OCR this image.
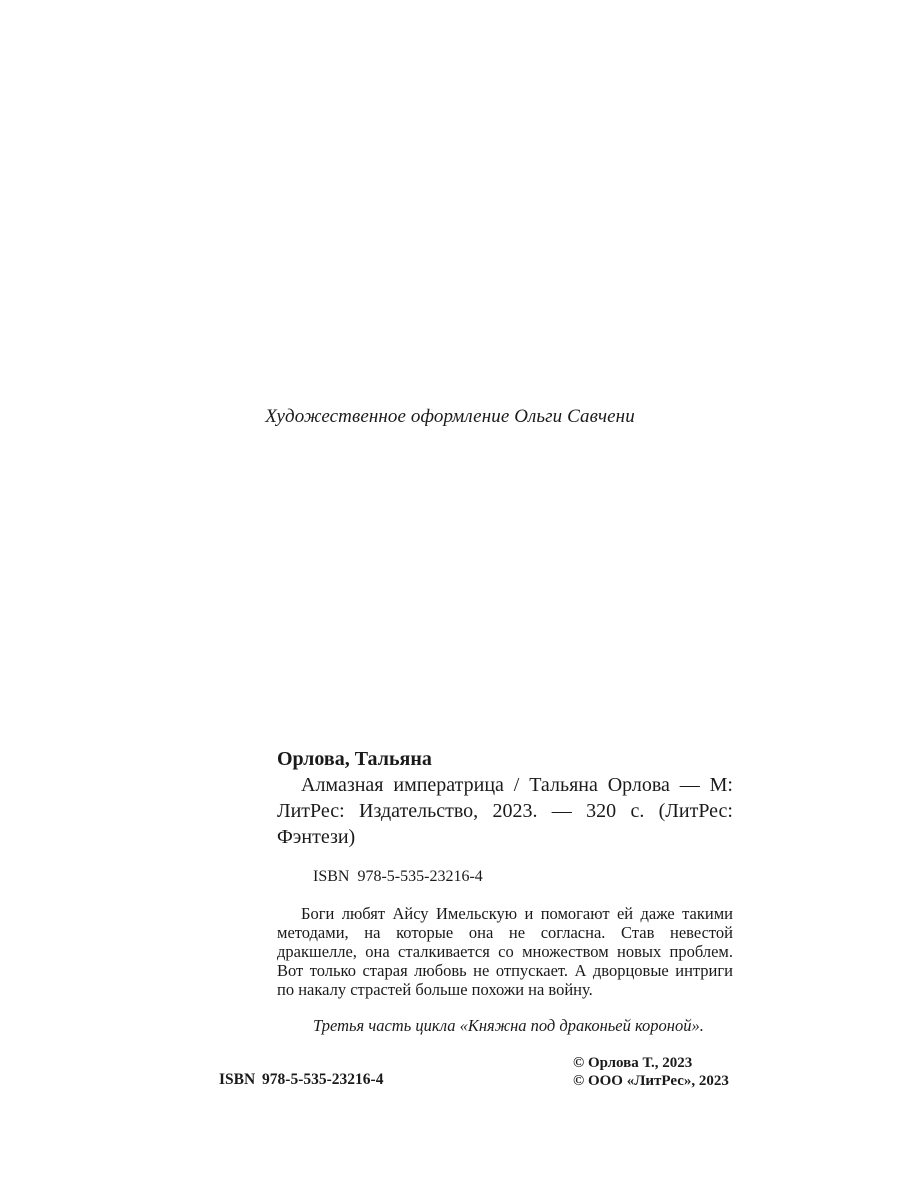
Художественное оформление Ольги Савчени

Орлова, Тальяна

Алмазная императрица / Тальяна Орлова — М: ЛитРес: Издательство, 2023. — 320 с. (ЛитРес: Фэнтези)

ISBN 978-5-535-23216-4

Боги любят Айсу Имельскую и помогают ей даже такими методами, на которые она не согласна. Став невестой дракшелле, она сталкивается со множеством новых проблем. Вот только старая любовь не отпускает. А дворцовые интриги по накалу страстей больше похожи на войну.

Третья часть цикла «Княжна под драконьей короной».

ISBN 978-5-535-23216-4
© Орлова Т., 2023
© ООО «ЛитРес», 2023
